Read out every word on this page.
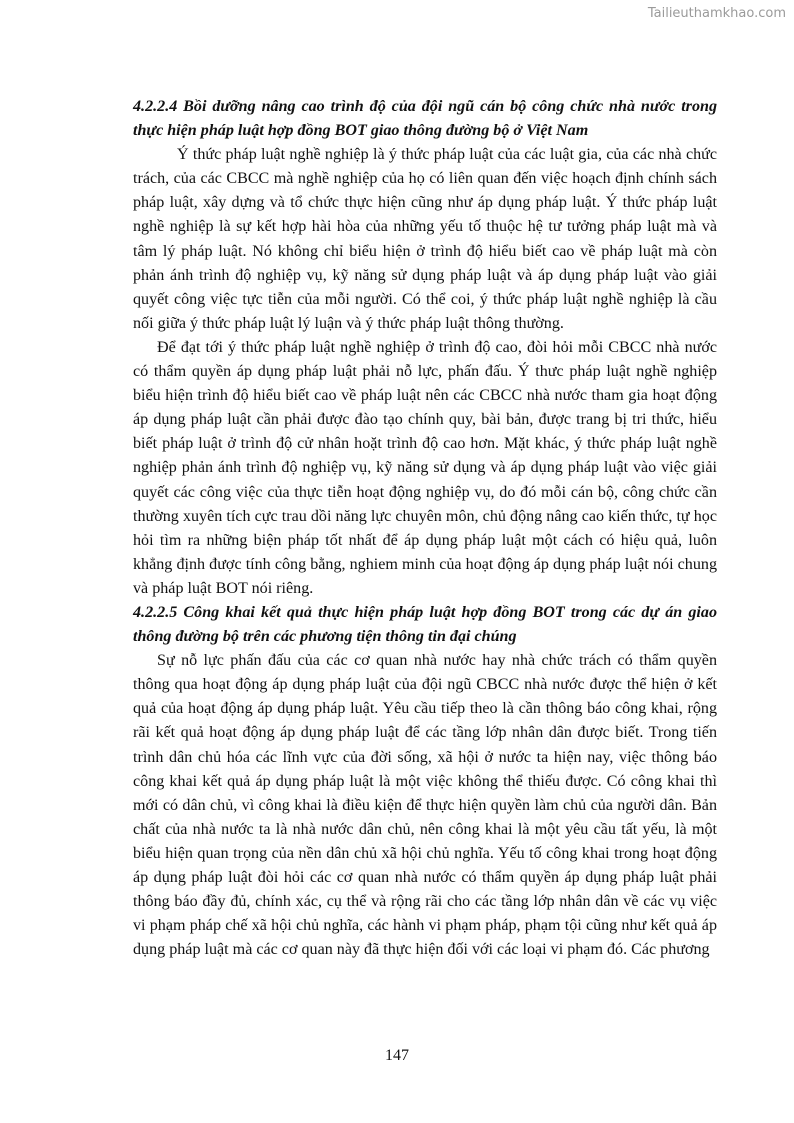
Tailieuthamkhao.com

4.2.2.4 Bồi dưỡng nâng cao trình độ của đội ngũ cán bộ công chức nhà nước trong thực hiện pháp luật hợp đồng BOT giao thông đường bộ ở Việt Nam

Ý thức pháp luật nghề nghiệp là ý thức pháp luật của các luật gia, của các nhà chức trách, của các CBCC mà nghề nghiệp của họ có liên quan đến việc hoạch định chính sách pháp luật, xây dựng và tổ chức thực hiện cũng như áp dụng pháp luật. Ý thức pháp luật nghề nghiệp là sự kết hợp hài hòa của những yếu tố thuộc hệ tư tưởng pháp luật mà và tâm lý pháp luật. Nó không chỉ biểu hiện ở trình độ hiểu biết cao về pháp luật mà còn phản ánh trình độ nghiệp vụ, kỹ năng sử dụng pháp luật và áp dụng pháp luật vào giải quyết công việc tực tiễn của mỗi người. Có thể coi, ý thức pháp luật nghề nghiệp là cầu nối giữa ý thức pháp luật lý luận và ý thức pháp luật thông thường.

Để đạt tới ý thức pháp luật nghề nghiệp ở trình độ cao, đòi hỏi mỗi CBCC nhà nước có thẩm quyền áp dụng pháp luật phải nỗ lực, phấn đấu. Ý thưc pháp luật nghề nghiệp biểu hiện trình độ hiểu biết cao về pháp luật nên các CBCC nhà nước tham gia hoạt động áp dụng pháp luật cần phải được đào tạo chính quy, bài bản, được trang bị tri thức, hiểu biết pháp luật ở trình độ cử nhân hoặt trình độ cao hơn. Mặt khác, ý thức pháp luật nghề nghiệp phản ánh trình độ nghiệp vụ, kỹ năng sử dụng và áp dụng pháp luật vào việc giải quyết các công việc của thực tiễn hoạt động nghiệp vụ, do đó mỗi cán bộ, công chức cần thường xuyên tích cực trau dồi năng lực chuyên môn, chủ động nâng cao kiến thức, tự học hỏi tìm ra những biện pháp tốt nhất để áp dụng pháp luật một cách có hiệu quả, luôn khẳng định được tính công bằng, nghiem minh của hoạt động áp dụng pháp luật nói chung và pháp luật BOT nói riêng.

4.2.2.5 Công khai kết quả thực hiện pháp luật hợp đồng BOT trong các dự án giao thông đường bộ trên các phương tiện thông tin đại chúng

Sự nỗ lực phấn đấu của các cơ quan nhà nước hay nhà chức trách có thẩm quyền thông qua hoạt động áp dụng pháp luật của đội ngũ CBCC nhà nước được thể hiện ở kết quả của hoạt động áp dụng pháp luật. Yêu cầu tiếp theo là cần thông báo công khai, rộng rãi kết quả hoạt động áp dụng pháp luật để các tầng lớp nhân dân được biết. Trong tiến trình dân chủ hóa các lĩnh vực của đời sống, xã hội ở nước ta hiện nay, việc thông báo công khai kết quả áp dụng pháp luật là một việc không thể thiếu được. Có công khai thì mới có dân chủ, vì công khai là điều kiện để thực hiện quyền làm chủ của người dân. Bản chất của nhà nước ta là nhà nước dân chủ, nên công khai là một yêu cầu tất yếu, là một biểu hiện quan trọng của nền dân chủ xã hội chủ nghĩa. Yếu tố công khai trong hoạt động áp dụng pháp luật đòi hỏi các cơ quan nhà nước có thẩm quyền áp dụng pháp luật phải thông báo đầy đủ, chính xác, cụ thể và rộng rãi cho các tầng lớp nhân dân về các vụ việc vi phạm pháp chế xã hội chủ nghĩa, các hành vi phạm pháp, phạm tội cũng như kết quả áp dụng pháp luật mà các cơ quan này đã thực hiện đối với các loại vi phạm đó. Các phương

147
